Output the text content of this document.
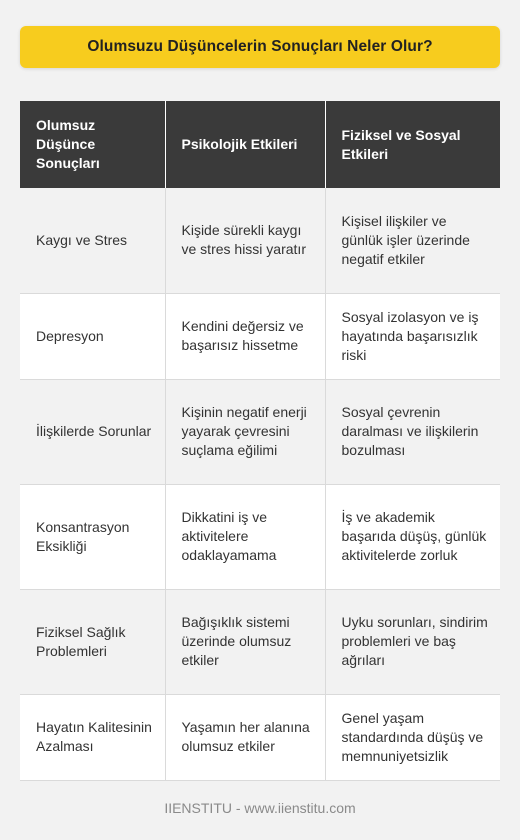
Olumsuzu Düşüncelerin Sonuçları Neler Olur?
Olumsuz Düşünce Sonuçları	Psikolojik Etkileri	Fiziksel ve Sosyal Etkileri
Kaygı ve Stres	Kişide sürekli kaygı ve stres hissi yaratır	Kişisel ilişkiler ve günlük işler üzerinde negatif etkiler
Depresyon	Kendini değersiz ve başarısız hissetme	Sosyal izolasyon ve iş hayatında başarısızlık riski
İlişkilerde Sorunlar	Kişinin negatif enerji yayarak çevresini suçlama eğilimi	Sosyal çevrenin daralması ve ilişkilerin bozulması
Konsantrasyon Eksikliği	Dikkatini iş ve aktivitelere odaklayamama	İş ve akademik başarıda düşüş, günlük aktivitelerde zorluk
Fiziksel Sağlık Problemleri	Bağışıklık sistemi üzerinde olumsuz etkiler	Uyku sorunları, sindirim problemleri ve baş ağrıları
Hayatın Kalitesinin Azalması	Yaşamın her alanına olumsuz etkiler	Genel yaşam standardında düşüş ve memnuniyetsizlik
IIENSTITU - www.iienstitu.com
